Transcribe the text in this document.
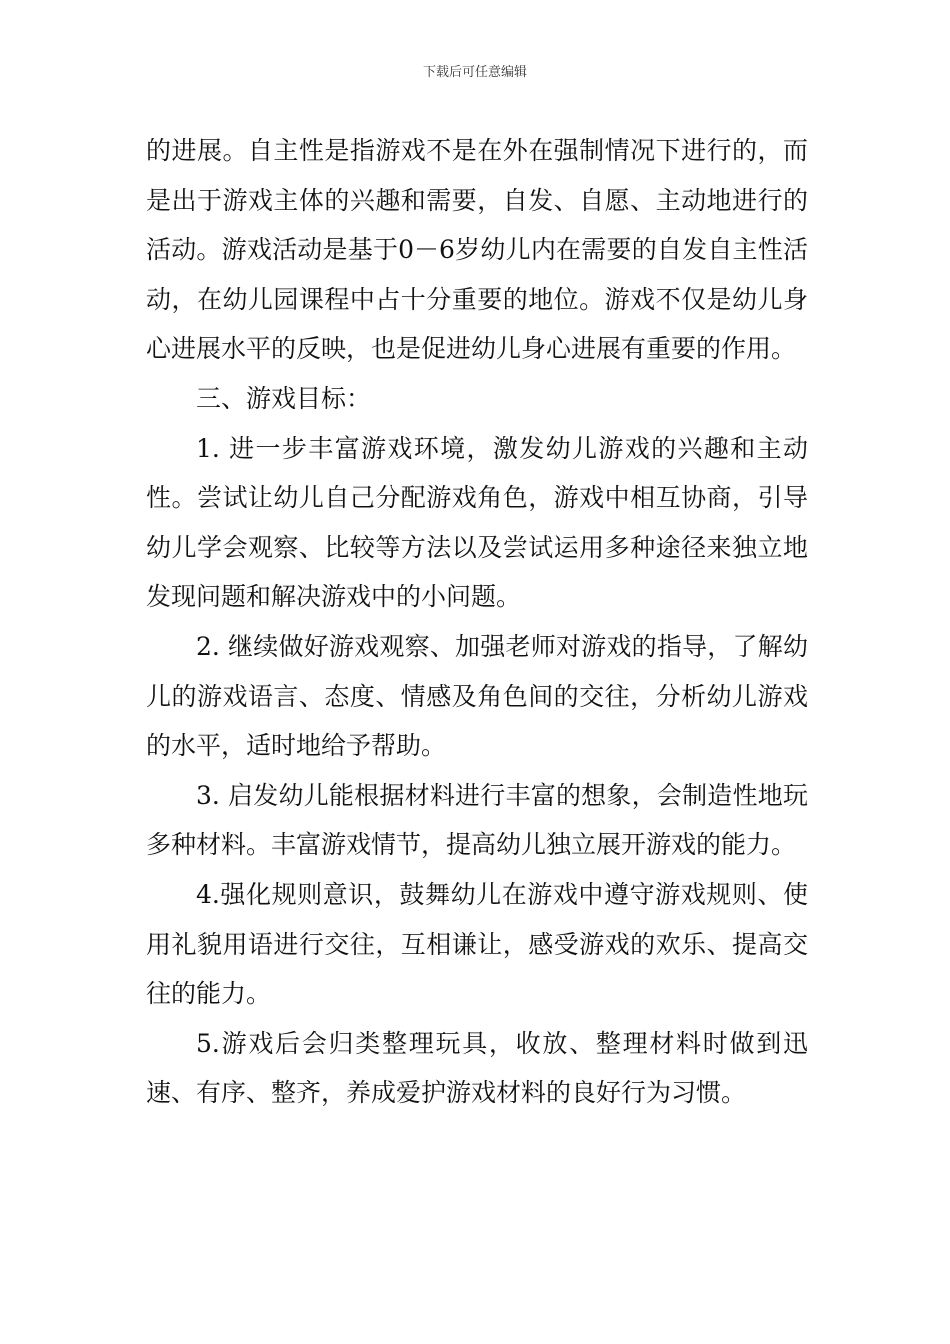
下载后可任意编辑

的进展。自主性是指游戏不是在外在强制情况下进行的，而是出于游戏主体的兴趣和需要，自发、自愿、主动地进行的活动。游戏活动是基于0－6岁幼儿内在需要的自发自主性活动，在幼儿园课程中占十分重要的地位。游戏不仅是幼儿身心进展水平的反映，也是促进幼儿身心进展有重要的作用。

三、游戏目标：

1. 进一步丰富游戏环境，激发幼儿游戏的兴趣和主动性。尝试让幼儿自己分配游戏角色，游戏中相互协商，引导幼儿学会观察、比较等方法以及尝试运用多种途径来独立地发现问题和解决游戏中的小问题。

2. 继续做好游戏观察、加强老师对游戏的指导，了解幼儿的游戏语言、态度、情感及角色间的交往，分析幼儿游戏的水平，适时地给予帮助。

3. 启发幼儿能根据材料进行丰富的想象，会制造性地玩多种材料。丰富游戏情节，提高幼儿独立展开游戏的能力。

4.强化规则意识，鼓舞幼儿在游戏中遵守游戏规则、使用礼貌用语进行交往，互相谦让，感受游戏的欢乐、提高交往的能力。

5.游戏后会归类整理玩具，收放、整理材料时做到迅速、有序、整齐，养成爱护游戏材料的良好行为习惯。
